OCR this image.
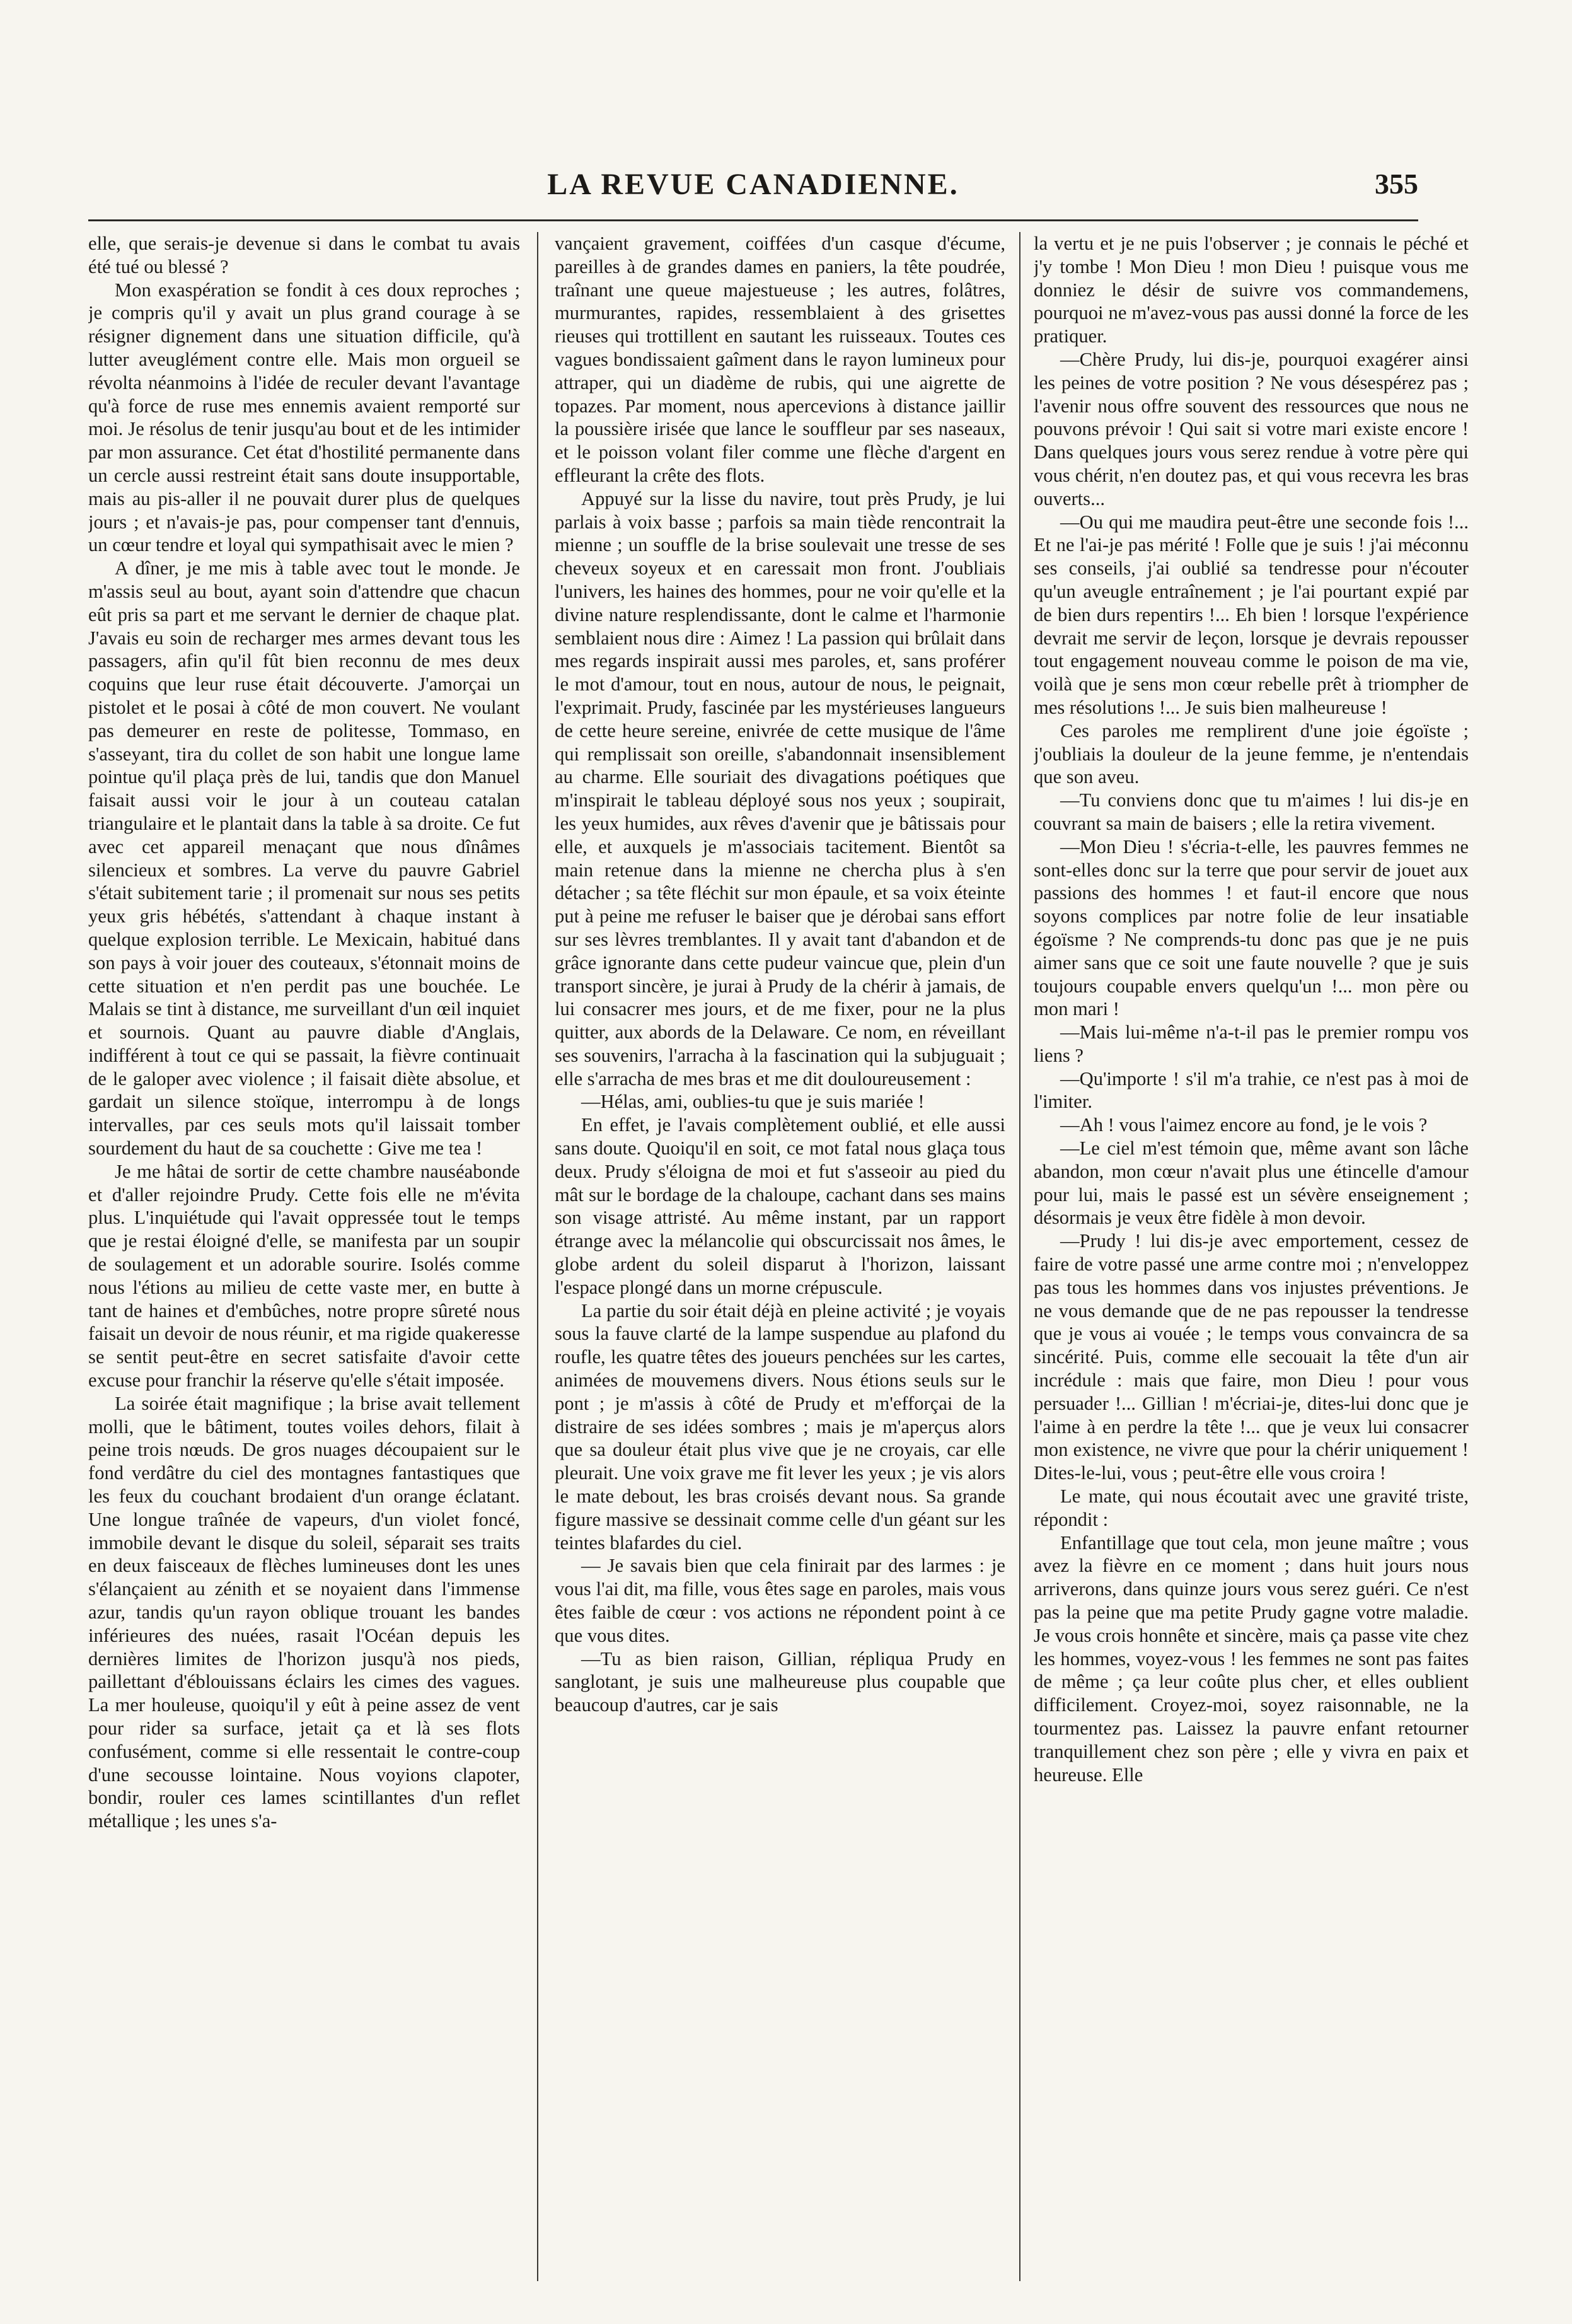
LA REVUE CANADIENNE.	355

elle, que serais-je devenue si dans le combat tu avais été tué ou blessé ?

Mon exaspération se fondit à ces doux reproches ; je compris qu'il y avait un plus grand courage à se résigner dignement dans une situation difficile, qu'à lutter aveuglément contre elle. Mais mon orgueil se révolta néanmoins à l'idée de reculer devant l'avantage qu'à force de ruse mes ennemis avaient remporté sur moi. Je résolus de tenir jusqu'au bout et de les intimider par mon assurance. Cet état d'hostilité permanente dans un cercle aussi restreint était sans doute insupportable, mais au pis-aller il ne pouvait durer plus de quelques jours ; et n'avais-je pas, pour compenser tant d'ennuis, un cœur tendre et loyal qui sympathisait avec le mien ?

A dîner, je me mis à table avec tout le monde. Je m'assis seul au bout, ayant soin d'attendre que chacun eût pris sa part et me servant le dernier de chaque plat. J'avais eu soin de recharger mes armes devant tous les passagers, afin qu'il fût bien reconnu de mes deux coquins que leur ruse était découverte. J'amorçai un pistolet et le posai à côté de mon couvert. Ne voulant pas demeurer en reste de politesse, Tommaso, en s'asseyant, tira du collet de son habit une longue lame pointue qu'il plaça près de lui, tandis que don Manuel faisait aussi voir le jour à un couteau catalan triangulaire et le plantait dans la table à sa droite. Ce fut avec cet appareil menaçant que nous dînâmes silencieux et sombres. La verve du pauvre Gabriel s'était subitement tarie ; il promenait sur nous ses petits yeux gris hébétés, s'attendant à chaque instant à quelque explosion terrible. Le Mexicain, habitué dans son pays à voir jouer des couteaux, s'étonnait moins de cette situation et n'en perdit pas une bouchée. Le Malais se tint à distance, me surveillant d'un œil inquiet et sournois. Quant au pauvre diable d'Anglais, indifférent à tout ce qui se passait, la fièvre continuait de le galoper avec violence ; il faisait diète absolue, et gardait un silence stoïque, interrompu à de longs intervalles, par ces seuls mots qu'il laissait tomber sourdement du haut de sa couchette : Give me tea !

Je me hâtai de sortir de cette chambre nauséabonde et d'aller rejoindre Prudy. Cette fois elle ne m'évita plus. L'inquiétude qui l'avait oppressée tout le temps que je restai éloigné d'elle, se manifesta par un soupir de soulagement et un adorable sourire. Isolés comme nous l'étions au milieu de cette vaste mer, en butte à tant de haines et d'embûches, notre propre sûreté nous faisait un devoir de nous réunir, et ma rigide quakeresse se sentit peut-être en secret satisfaite d'avoir cette excuse pour franchir la réserve qu'elle s'était imposée.

La soirée était magnifique ; la brise avait tellement molli, que le bâtiment, toutes voiles dehors, filait à peine trois nœuds. De gros nuages découpaient sur le fond verdâtre du ciel des montagnes fantastiques que les feux du couchant brodaient d'un orange éclatant. Une longue traînée de vapeurs, d'un violet foncé, immobile devant le disque du soleil, séparait ses traits en deux faisceaux de flèches lumineuses dont les unes s'élançaient au zénith et se noyaient dans l'immense azur, tandis qu'un rayon oblique trouant les bandes inférieures des nuées, rasait l'Océan depuis les dernières limites de l'horizon jusqu'à nos pieds, paillettant d'éblouissans éclairs les cimes des vagues. La mer houleuse, quoiqu'il y eût à peine assez de vent pour rider sa surface, jetait ça et là ses flots confusément, comme si elle ressentait le contre-coup d'une secousse lointaine. Nous voyions clapoter, bondir, rouler ces lames scintillantes d'un reflet métallique ; les unes s'a-

vançaient gravement, coiffées d'un casque d'écume, pareilles à de grandes dames en paniers, la tête poudrée, traînant une queue majestueuse ; les autres, folâtres, murmurantes, rapides, ressemblaient à des grisettes rieuses qui trottillent en sautant les ruisseaux. Toutes ces vagues bondissaient gaîment dans le rayon lumineux pour attraper, qui un diadème de rubis, qui une aigrette de topazes. Par moment, nous apercevions à distance jaillir la poussière irisée que lance le souffleur par ses naseaux, et le poisson volant filer comme une flèche d'argent en effleurant la crête des flots.

Appuyé sur la lisse du navire, tout près Prudy, je lui parlais à voix basse ; parfois sa main tiède rencontrait la mienne ; un souffle de la brise soulevait une tresse de ses cheveux soyeux et en caressait mon front. J'oubliais l'univers, les haines des hommes, pour ne voir qu'elle et la divine nature resplendissante, dont le calme et l'harmonie semblaient nous dire : Aimez ! La passion qui brûlait dans mes regards inspirait aussi mes paroles, et, sans proférer le mot d'amour, tout en nous, autour de nous, le peignait, l'exprimait. Prudy, fascinée par les mystérieuses langueurs de cette heure sereine, enivrée de cette musique de l'âme qui remplissait son oreille, s'abandonnait insensiblement au charme. Elle souriait des divagations poétiques que m'inspirait le tableau déployé sous nos yeux ; soupirait, les yeux humides, aux rêves d'avenir que je bâtissais pour elle, et auxquels je m'associais tacitement. Bientôt sa main retenue dans la mienne ne chercha plus à s'en détacher ; sa tête fléchit sur mon épaule, et sa voix éteinte put à peine me refuser le baiser que je dérobai sans effort sur ses lèvres tremblantes. Il y avait tant d'abandon et de grâce ignorante dans cette pudeur vaincue que, plein d'un transport sincère, je jurai à Prudy de la chérir à jamais, de lui consacrer mes jours, et de me fixer, pour ne la plus quitter, aux abords de la Delaware. Ce nom, en réveillant ses souvenirs, l'arracha à la fascination qui la subjuguait ; elle s'arracha de mes bras et me dit douloureusement :

—Hélas, ami, oublies-tu que je suis mariée !

En effet, je l'avais complètement oublié, et elle aussi sans doute. Quoiqu'il en soit, ce mot fatal nous glaça tous deux. Prudy s'éloigna de moi et fut s'asseoir au pied du mât sur le bordage de la chaloupe, cachant dans ses mains son visage attristé. Au même instant, par un rapport étrange avec la mélancolie qui obscurcissait nos âmes, le globe ardent du soleil disparut à l'horizon, laissant l'espace plongé dans un morne crépuscule.

La partie du soir était déjà en pleine activité ; je voyais sous la fauve clarté de la lampe suspendue au plafond du roufle, les quatre têtes des joueurs penchées sur les cartes, animées de mouvemens divers. Nous étions seuls sur le pont ; je m'assis à côté de Prudy et m'efforçai de la distraire de ses idées sombres ; mais je m'aperçus alors que sa douleur était plus vive que je ne croyais, car elle pleurait. Une voix grave me fit lever les yeux ; je vis alors le mate debout, les bras croisés devant nous. Sa grande figure massive se dessinait comme celle d'un géant sur les teintes blafardes du ciel.

— Je savais bien que cela finirait par des larmes : je vous l'ai dit, ma fille, vous êtes sage en paroles, mais vous êtes faible de cœur : vos actions ne répondent point à ce que vous dites.

—Tu as bien raison, Gillian, répliqua Prudy en sanglotant, je suis une malheureuse plus coupable que beaucoup d'autres, car je sais

la vertu et je ne puis l'observer ; je connais le péché et j'y tombe ! Mon Dieu ! mon Dieu ! puisque vous me donniez le désir de suivre vos commandemens, pourquoi ne m'avez-vous pas aussi donné la force de les pratiquer.

—Chère Prudy, lui dis-je, pourquoi exagérer ainsi les peines de votre position ? Ne vous désespérez pas ; l'avenir nous offre souvent des ressources que nous ne pouvons prévoir ! Qui sait si votre mari existe encore ! Dans quelques jours vous serez rendue à votre père qui vous chérit, n'en doutez pas, et qui vous recevra les bras ouverts...

—Ou qui me maudira peut-être une seconde fois !... Et ne l'ai-je pas mérité ! Folle que je suis ! j'ai méconnu ses conseils, j'ai oublié sa tendresse pour n'écouter qu'un aveugle entraînement ; je l'ai pourtant expié par de bien durs repentirs !... Eh bien ! lorsque l'expérience devrait me servir de leçon, lorsque je devrais repousser tout engagement nouveau comme le poison de ma vie, voilà que je sens mon cœur rebelle prêt à triompher de mes résolutions !... Je suis bien malheureuse !

Ces paroles me remplirent d'une joie égoïste ; j'oubliais la douleur de la jeune femme, je n'entendais que son aveu.

—Tu conviens donc que tu m'aimes ! lui dis-je en couvrant sa main de baisers ; elle la retira vivement.

—Mon Dieu ! s'écria-t-elle, les pauvres femmes ne sont-elles donc sur la terre que pour servir de jouet aux passions des hommes ! et faut-il encore que nous soyons complices par notre folie de leur insatiable égoïsme ? Ne comprends-tu donc pas que je ne puis aimer sans que ce soit une faute nouvelle ? que je suis toujours coupable envers quelqu'un !... mon père ou mon mari !

—Mais lui-même n'a-t-il pas le premier rompu vos liens ?

—Qu'importe ! s'il m'a trahie, ce n'est pas à moi de l'imiter.

—Ah ! vous l'aimez encore au fond, je le vois ?

—Le ciel m'est témoin que, même avant son lâche abandon, mon cœur n'avait plus une étincelle d'amour pour lui, mais le passé est un sévère enseignement ; désormais je veux être fidèle à mon devoir.

—Prudy ! lui dis-je avec emportement, cessez de faire de votre passé une arme contre moi ; n'enveloppez pas tous les hommes dans vos injustes préventions. Je ne vous demande que de ne pas repousser la tendresse que je vous ai vouée ; le temps vous convaincra de sa sincérité. Puis, comme elle secouait la tête d'un air incrédule : mais que faire, mon Dieu ! pour vous persuader !... Gillian ! m'écriai-je, dites-lui donc que je l'aime à en perdre la tête !... que je veux lui consacrer mon existence, ne vivre que pour la chérir uniquement ! Dites-le-lui, vous ; peut-être elle vous croira !

Le mate, qui nous écoutait avec une gravité triste, répondit :

Enfantillage que tout cela, mon jeune maître ; vous avez la fièvre en ce moment ; dans huit jours nous arriverons, dans quinze jours vous serez guéri. Ce n'est pas la peine que ma petite Prudy gagne votre maladie. Je vous crois honnête et sincère, mais ça passe vite chez les hommes, voyez-vous ! les femmes ne sont pas faites de même ; ça leur coûte plus cher, et elles oublient difficilement. Croyez-moi, soyez raisonnable, ne la tourmentez pas. Laissez la pauvre enfant retourner tranquillement chez son père ; elle y vivra en paix et heureuse. Elle
